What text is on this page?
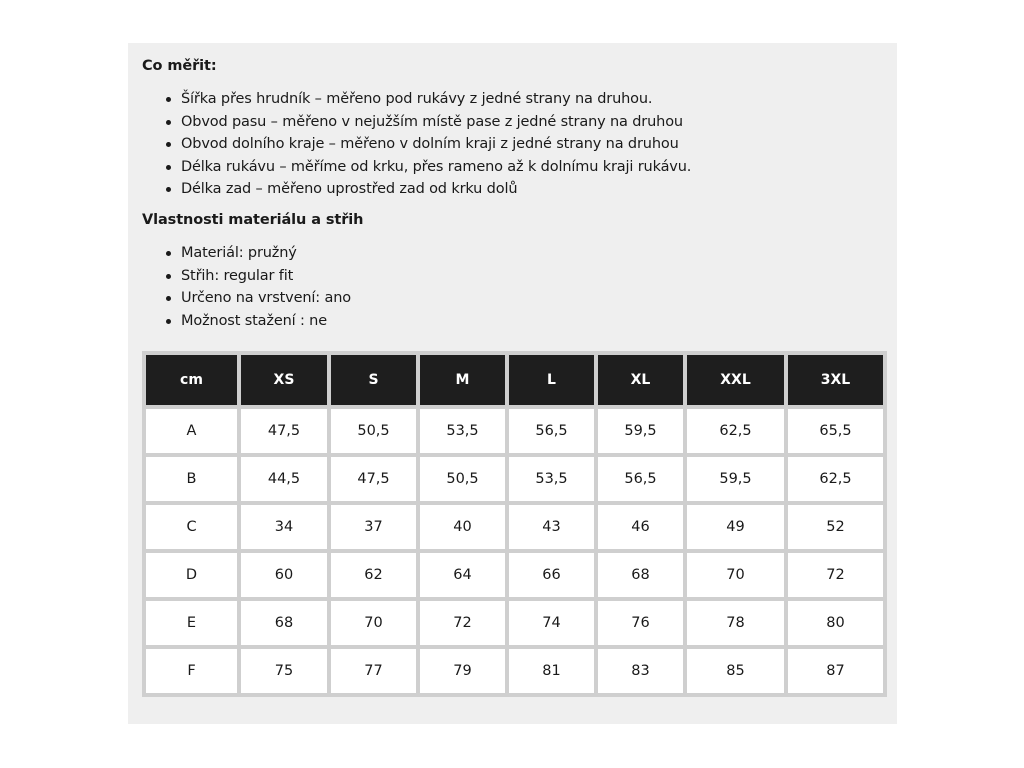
Co měřit:
Šířka přes hrudník – měřeno pod rukávy z jedné strany na druhou.
Obvod pasu – měřeno v nejužším místě pase z jedné strany na druhou
Obvod dolního kraje – měřeno v dolním kraji z jedné strany na druhou
Délka rukávu – měříme od krku, přes rameno až k dolnímu kraji rukávu.
Délka zad – měřeno uprostřed zad od krku dolů
Vlastnosti materiálu a střih
Materiál: pružný
Střih: regular fit
Určeno na vrstvení: ano
Možnost stažení : ne
cm	XS	S	M	L	XL	XXL	3XL
A	47,5	50,5	53,5	56,5	59,5	62,5	65,5
B	44,5	47,5	50,5	53,5	56,5	59,5	62,5
C	34	37	40	43	46	49	52
D	60	62	64	66	68	70	72
E	68	70	72	74	76	78	80
F	75	77	79	81	83	85	87
